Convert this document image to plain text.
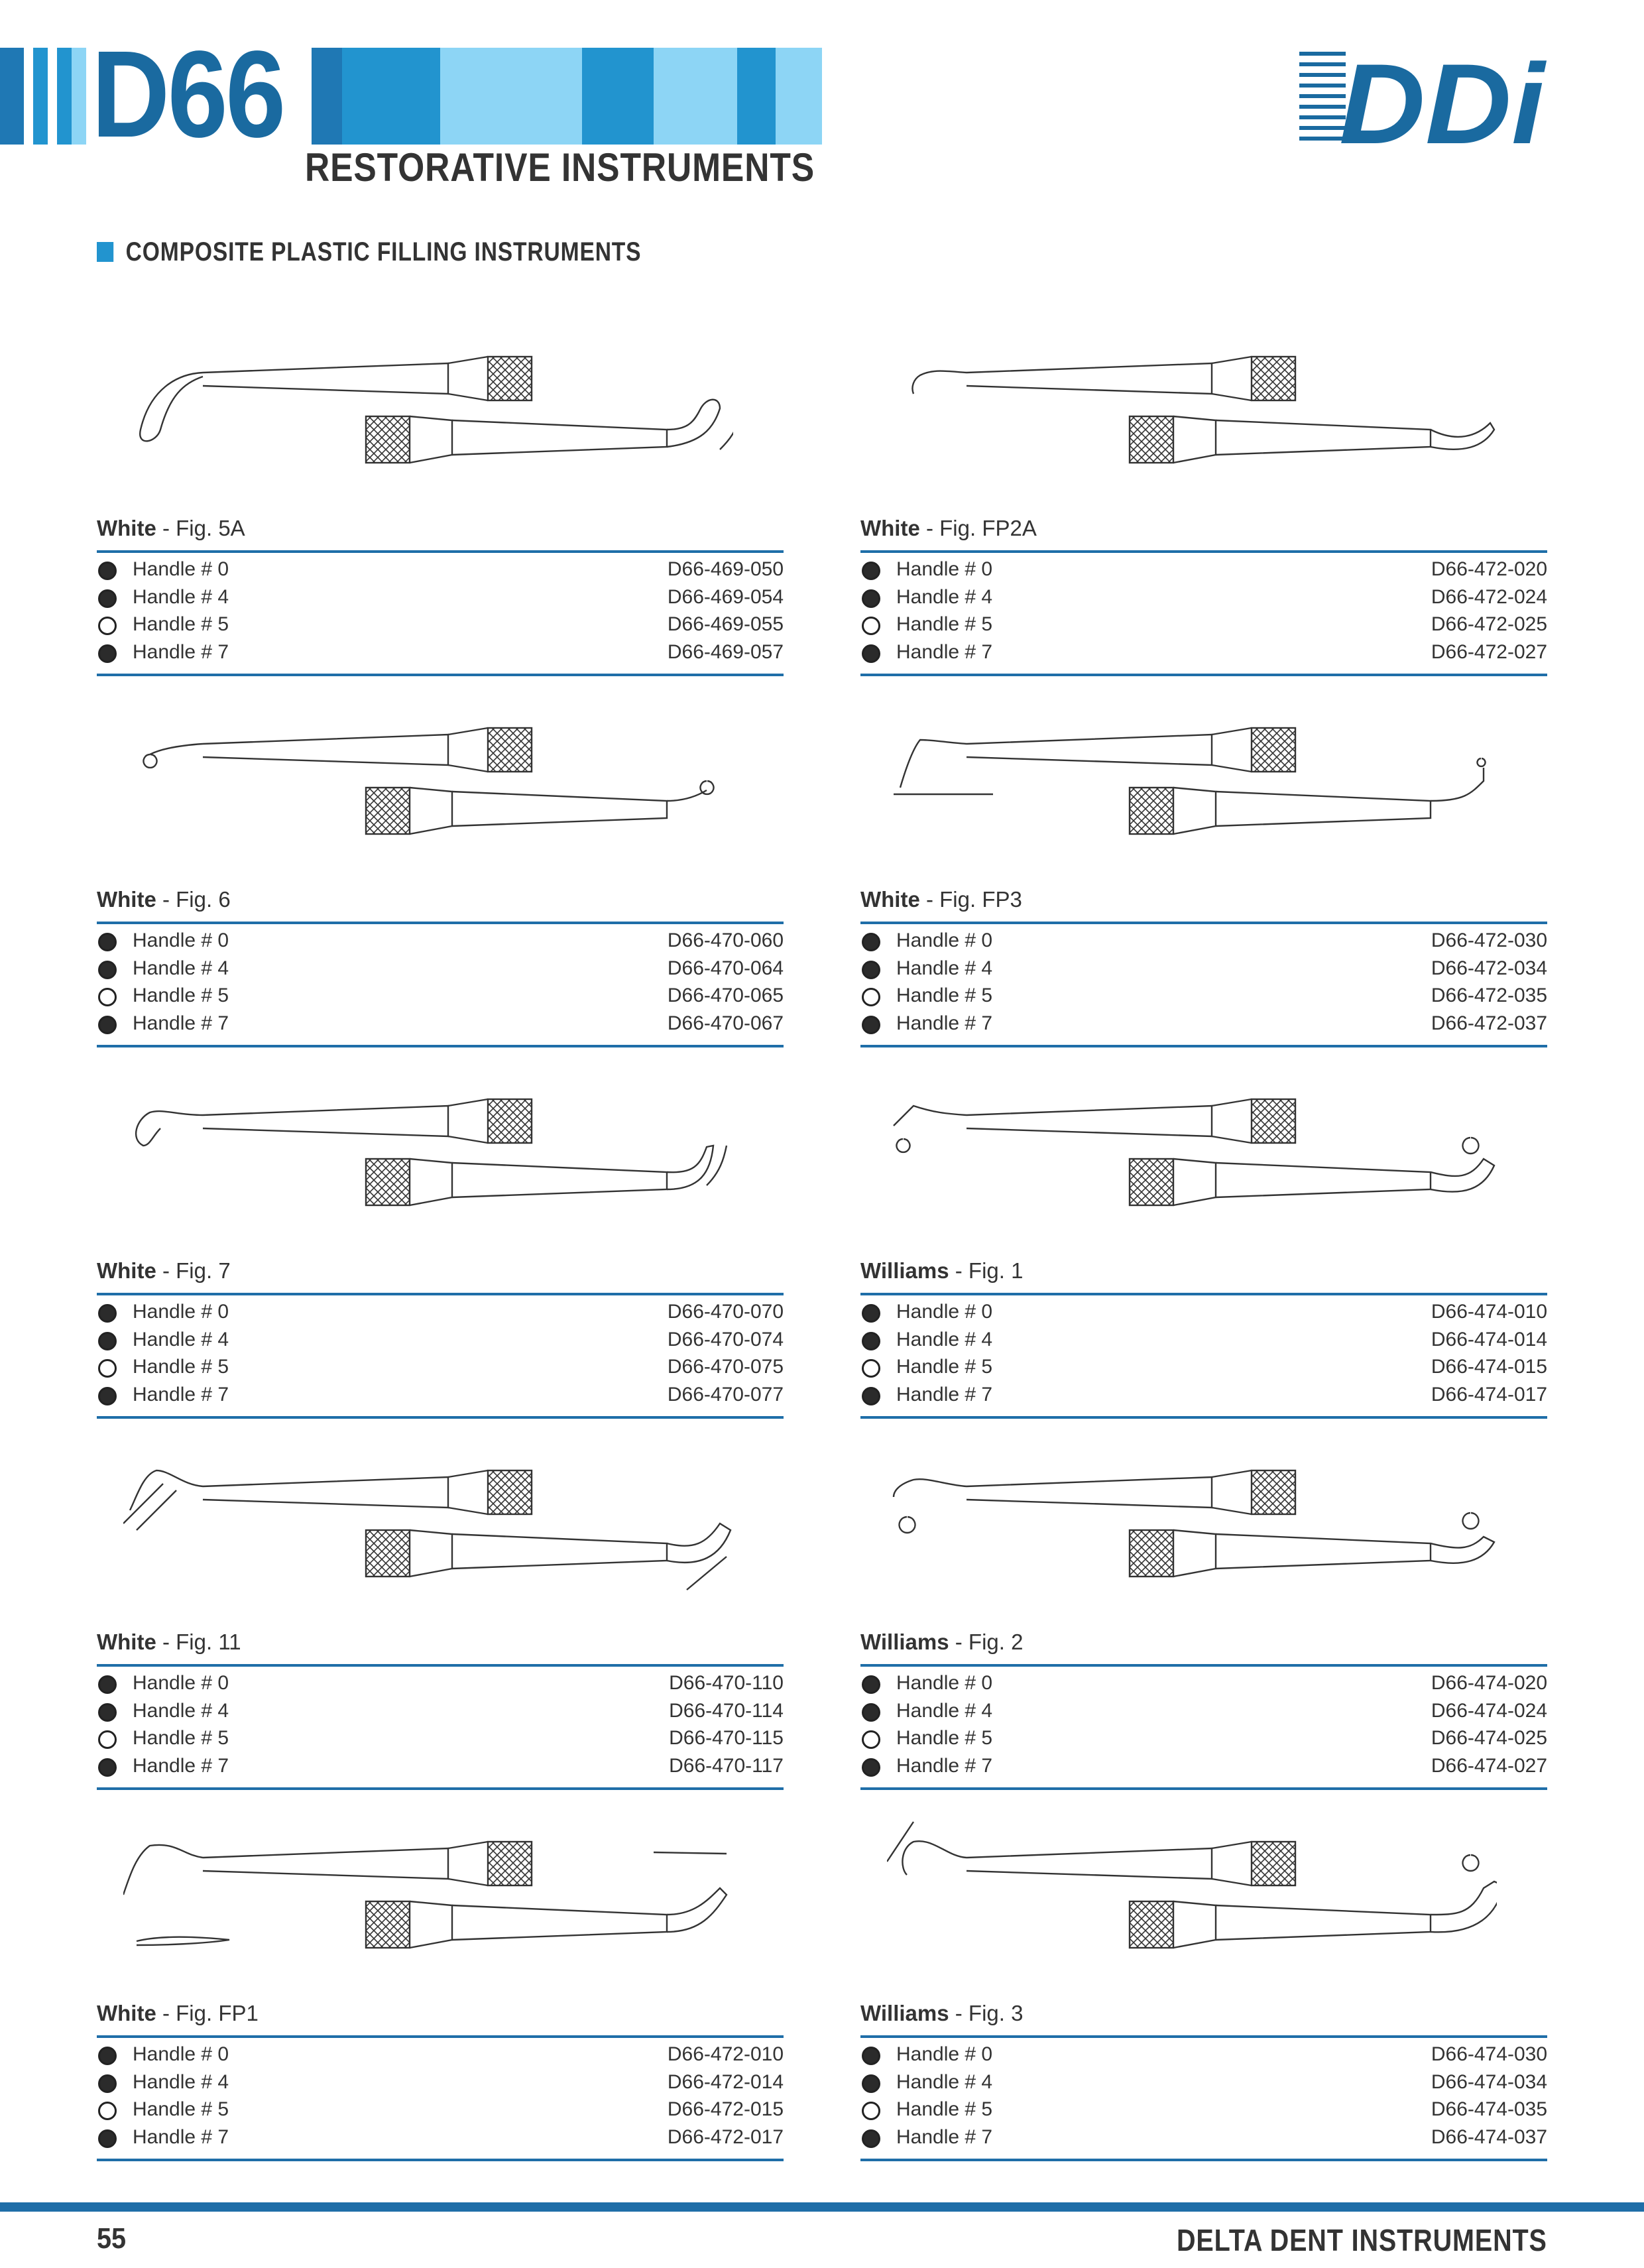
D66
RESTORATIVE INSTRUMENTS	DDi
COMPOSITE PLASTIC FILLING INSTRUMENTS
White - Fig. 5A
Handle # 0	D66-469-050
Handle # 4	D66-469-054
Handle # 5	D66-469-055
Handle # 7	D66-469-057
White - Fig. FP2A
Handle # 0	D66-472-020
Handle # 4	D66-472-024
Handle # 5	D66-472-025
Handle # 7	D66-472-027
White - Fig. 6
Handle # 0	D66-470-060
Handle # 4	D66-470-064
Handle # 5	D66-470-065
Handle # 7	D66-470-067
White - Fig. FP3
Handle # 0	D66-472-030
Handle # 4	D66-472-034
Handle # 5	D66-472-035
Handle # 7	D66-472-037
White - Fig. 7
Handle # 0	D66-470-070
Handle # 4	D66-470-074
Handle # 5	D66-470-075
Handle # 7	D66-470-077
Williams - Fig. 1
Handle # 0	D66-474-010
Handle # 4	D66-474-014
Handle # 5	D66-474-015
Handle # 7	D66-474-017
White - Fig. 11
Handle # 0	D66-470-110
Handle # 4	D66-470-114
Handle # 5	D66-470-115
Handle # 7	D66-470-117
Williams - Fig. 2
Handle # 0	D66-474-020
Handle # 4	D66-474-024
Handle # 5	D66-474-025
Handle # 7	D66-474-027
White - Fig. FP1
Handle # 0	D66-472-010
Handle # 4	D66-472-014
Handle # 5	D66-472-015
Handle # 7	D66-472-017
Williams - Fig. 3
Handle # 0	D66-474-030
Handle # 4	D66-474-034
Handle # 5	D66-474-035
Handle # 7	D66-474-037
55	DELTA DENT INSTRUMENTS
